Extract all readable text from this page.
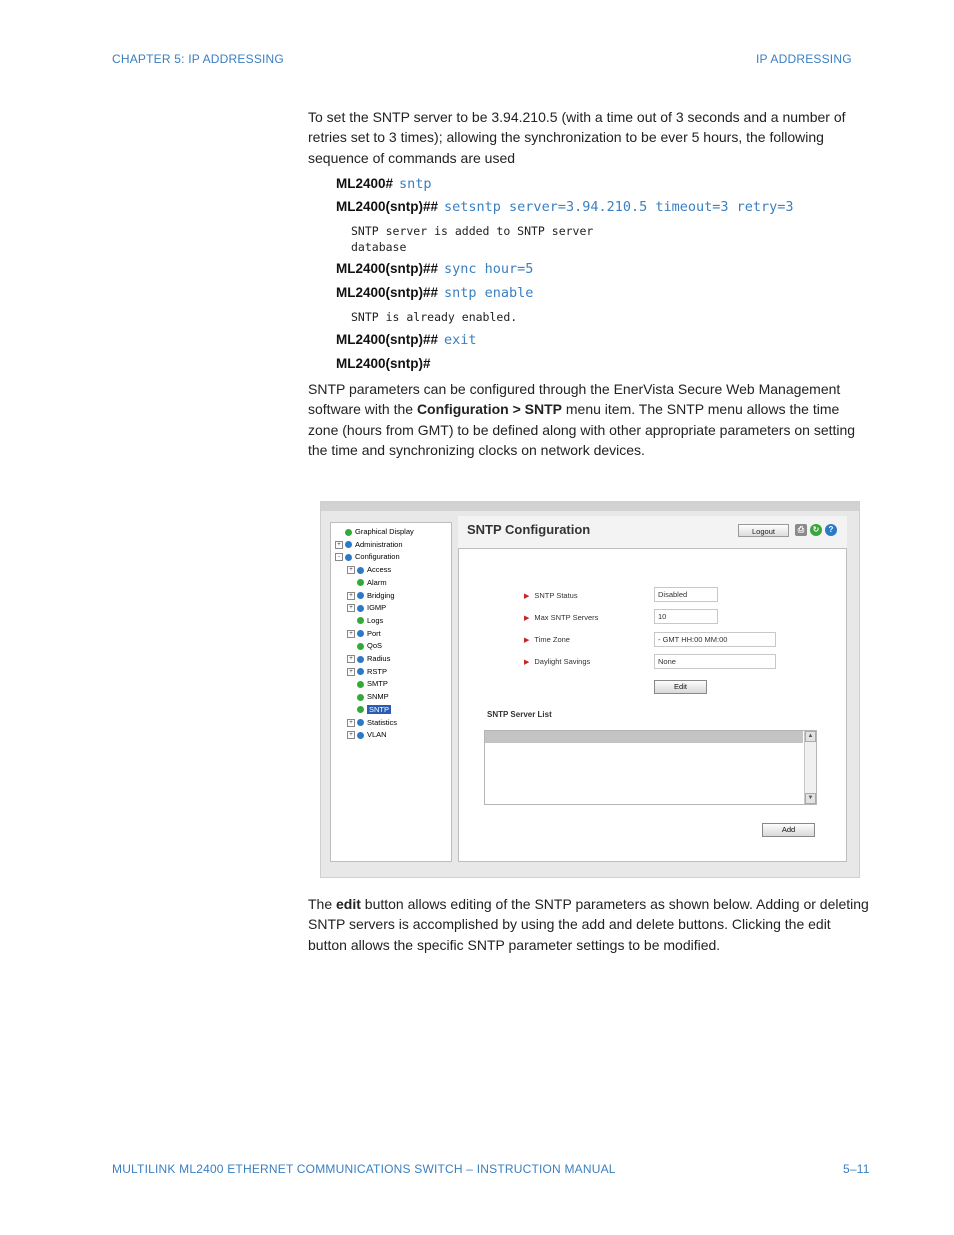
CHAPTER 5: IP ADDRESSING	IP ADDRESSING
To set the SNTP server to be 3.94.210.5 (with a time out of 3 seconds and a number of retries set to 3 times); allowing the synchronization to be ever 5 hours, the following sequence of commands are used
ML2400# sntp
ML2400(sntp)## setsntp server=3.94.210.5 timeout=3 retry=3
SNTP server is added to SNTP server
database
ML2400(sntp)## sync hour=5
ML2400(sntp)## sntp enable
SNTP is already enabled.
ML2400(sntp)## exit
ML2400(sntp)#
SNTP parameters can be configured through the EnerVista Secure Web Management software with the Configuration > SNTP menu item. The SNTP menu allows the time zone (hours from GMT) to be defined along with other appropriate parameters on setting the time and synchronizing clocks on network devices.
Graphical Display
+ Administration
- Configuration
+ Access
Alarm
+ Bridging
+ IGMP
Logs
+ Port
QoS
+ Radius
+ RSTP
SMTP
SNMP
SNTP
+ Statistics
+ VLAN
SNTP Configuration	Logout	⎙	↻	?
▶ SNTP Status	Disabled
▶ Max SNTP Servers	10
▶ Time Zone	- GMT HH:00 MM:00
▶ Daylight Savings	None
Edit
SNTP Server List
▲
▼
Add
The edit button allows editing of the SNTP parameters as shown below. Adding or deleting SNTP servers is accomplished by using the add and delete buttons. Clicking the edit button allows the specific SNTP parameter settings to be modified.
MULTILINK ML2400 ETHERNET COMMUNICATIONS SWITCH – INSTRUCTION MANUAL	5–11
